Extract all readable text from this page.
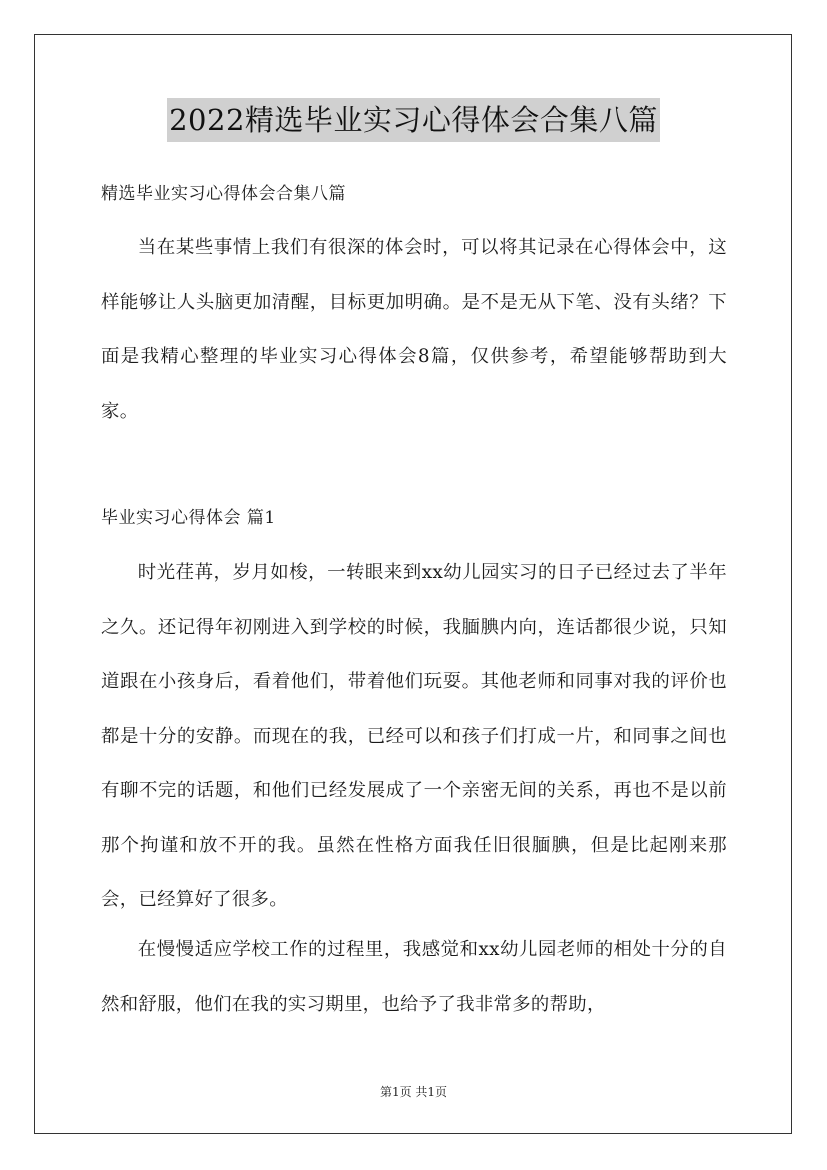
2022精选毕业实习心得体会合集八篇
精选毕业实习心得体会合集八篇

当在某些事情上我们有很深的体会时，可以将其记录在心得体会中，这样能够让人头脑更加清醒，目标更加明确。是不是无从下笔、没有头绪？下面是我精心整理的毕业实习心得体会8篇，仅供参考，希望能够帮助到大家。

毕业实习心得体会 篇1

时光荏苒，岁月如梭，一转眼来到xx幼儿园实习的日子已经过去了半年之久。还记得年初刚进入到学校的时候，我腼腆内向，连话都很少说，只知道跟在小孩身后，看着他们，带着他们玩耍。其他老师和同事对我的评价也都是十分的安静。而现在的我，已经可以和孩子们打成一片，和同事之间也有聊不完的话题，和他们已经发展成了一个亲密无间的关系，再也不是以前那个拘谨和放不开的我。虽然在性格方面我任旧很腼腆，但是比起刚来那会，已经算好了很多。

在慢慢适应学校工作的过程里，我感觉和xx幼儿园老师的相处十分的自然和舒服，他们在我的实习期里，也给予了我非常多的帮助，

第1页 共1页
